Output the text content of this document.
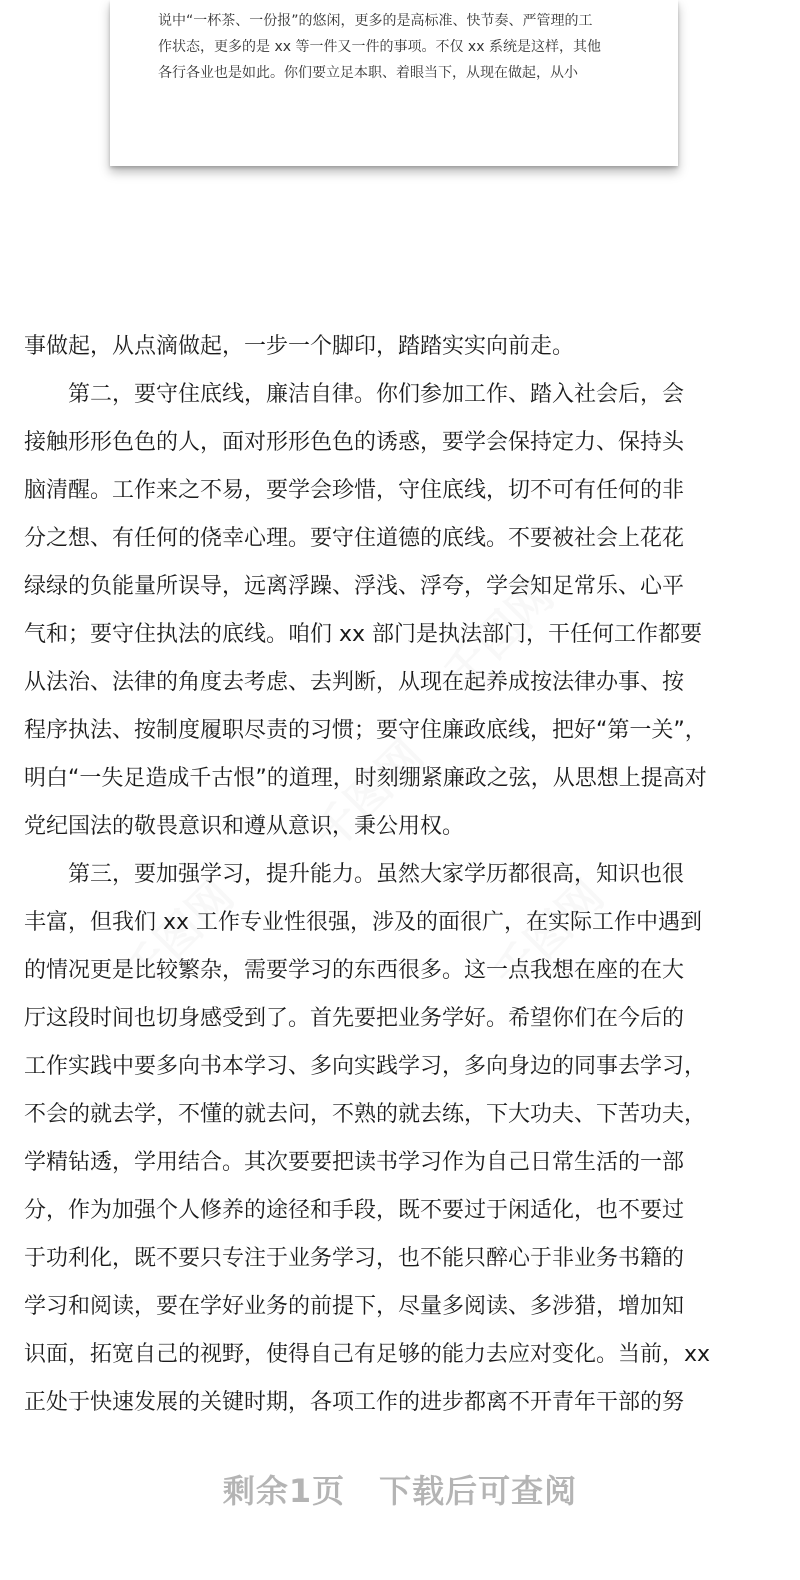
说中“一杯茶、一份报”的悠闲，更多的是高标准、快节奏、严管理的工
作状态，更多的是 xx 等一件又一件的事项。不仅 xx 系统是这样，其他
各行各业也是如此。你们要立足本职、着眼当下，从现在做起，从小
千图网
千图网
千图网	千图网
事做起，从点滴做起，一步一个脚印，踏踏实实向前走。
　　第二，要守住底线，廉洁自律。你们参加工作、踏入社会后，会
接触形形色色的人，面对形形色色的诱惑，要学会保持定力、保持头
脑清醒。工作来之不易，要学会珍惜，守住底线，切不可有任何的非
分之想、有任何的侥幸心理。要守住道德的底线。不要被社会上花花
绿绿的负能量所误导，远离浮躁、浮浅、浮夸，学会知足常乐、心平
气和；要守住执法的底线。咱们 xx 部门是执法部门，干任何工作都要
从法治、法律的角度去考虑、去判断，从现在起养成按法律办事、按
程序执法、按制度履职尽责的习惯；要守住廉政底线，把好“第一关”，
明白“一失足造成千古恨”的道理，时刻绷紧廉政之弦，从思想上提高对
党纪国法的敬畏意识和遵从意识，秉公用权。
　　第三，要加强学习，提升能力。虽然大家学历都很高，知识也很
丰富，但我们 xx 工作专业性很强，涉及的面很广，在实际工作中遇到
的情况更是比较繁杂，需要学习的东西很多。这一点我想在座的在大
厅这段时间也切身感受到了。首先要把业务学好。希望你们在今后的
工作实践中要多向书本学习、多向实践学习，多向身边的同事去学习，
不会的就去学，不懂的就去问，不熟的就去练，下大功夫、下苦功夫，
学精钻透，学用结合。其次要要把读书学习作为自己日常生活的一部
分，作为加强个人修养的途径和手段，既不要过于闲适化，也不要过
于功利化，既不要只专注于业务学习，也不能只醉心于非业务书籍的
学习和阅读，要在学好业务的前提下，尽量多阅读、多涉猎，增加知
识面，拓宽自己的视野，使得自己有足够的能力去应对变化。当前，xx
正处于快速发展的关键时期，各项工作的进步都离不开青年干部的努
剩余1页 下载后可查阅
